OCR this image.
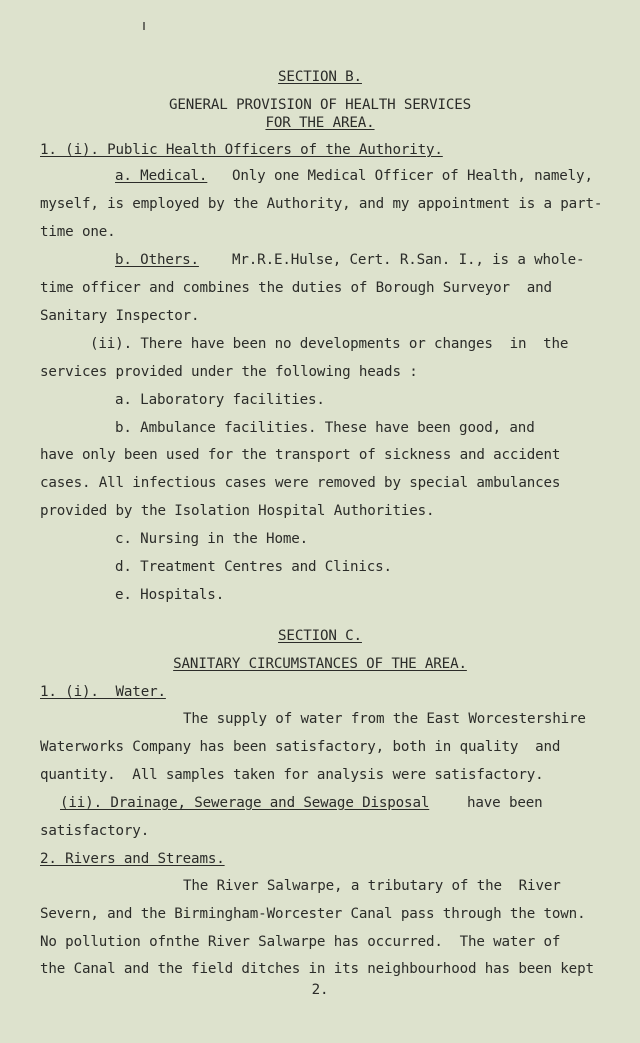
SECTION B.
GENERAL PROVISION OF HEALTH SERVICES
FOR THE AREA.
1. (i). Public Health Officers of the Authority.
a. Medical. Only one Medical Officer of Health, namely,
myself, is employed by the Authority, and my appointment is a part-
time one.
b. Others. Mr.R.E.Hulse, Cert. R.San. I., is a whole-
time officer and combines the duties of Borough Surveyor  and
Sanitary Inspector.
(ii). There have been no developments or changes  in  the
services provided under the following heads :
a. Laboratory facilities.
b. Ambulance facilities. These have been good, and
have only been used for the transport of sickness and accident
cases. All infectious cases were removed by special ambulances
provided by the Isolation Hospital Authorities.
c. Nursing in the Home.
d. Treatment Centres and Clinics.
e. Hospitals.
SECTION C.
SANITARY CIRCUMSTANCES OF THE AREA.
1. (i).  Water.
The supply of water from the East Worcestershire
Waterworks Company has been satisfactory, both in quality  and
quantity.  All samples taken for analysis were satisfactory.
(ii). Drainage, Sewerage and Sewage Disposal	have been
satisfactory.
2. Rivers and Streams.
The River Salwarpe, a tributary of the  River
Severn, and the Birmingham-Worcester Canal pass through the town.
No pollution ofnthe River Salwarpe has occurred.  The water of
the Canal and the field ditches in its neighbourhood has been kept
2.
